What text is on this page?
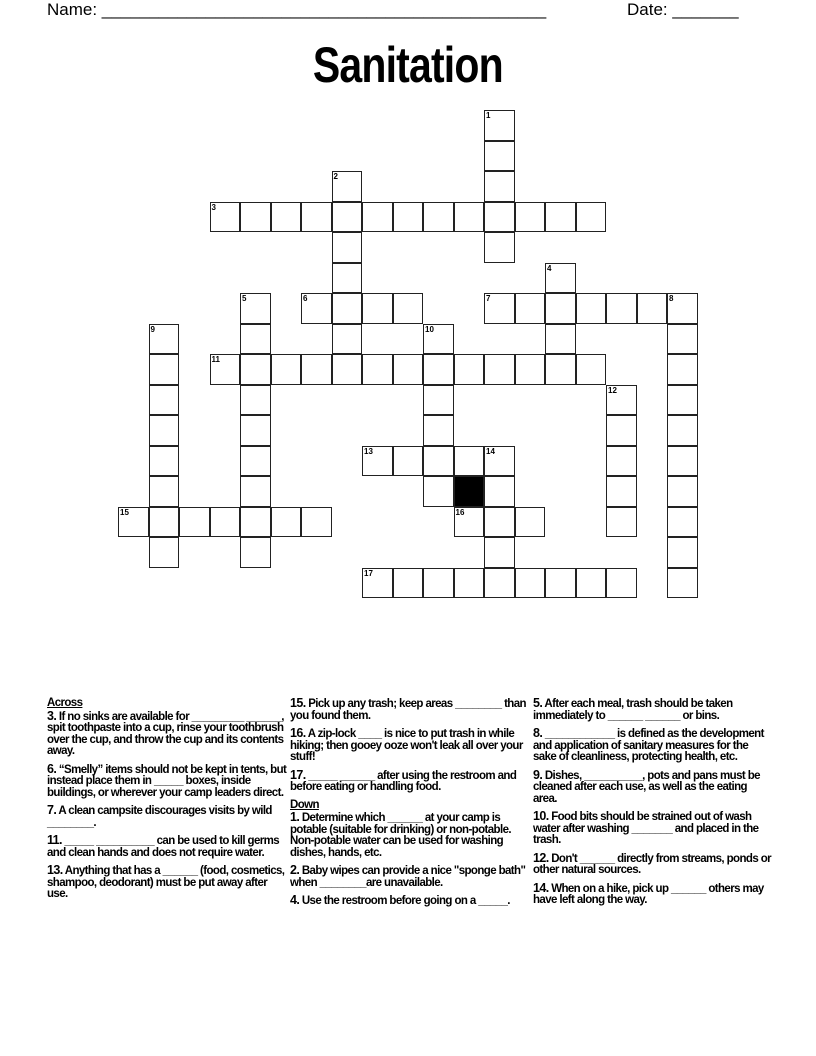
Name: _______________________________________________	Date: _______
Sanitation
1
2
3
4
5	6	7	8
9	10
11
12
13	14
15	16
17
Across
3. If no sinks are available for _________ ______, spit toothpaste into a cup, rinse your toothbrush over the cup, and throw the cup and its contents away.
6. “Smelly” items should not be kept in tents, but instead place them in _____ boxes, inside buildings, or wherever your camp leaders direct.
7. A clean campsite discourages visits by wild ________.
11. _____ __________ can be used to kill germs and clean hands and does not require water.
13. Anything that has a ______ (food, cosmetics, shampoo, deodorant) must be put away after use.
15. Pick up any trash; keep areas ________ than you found them.
16. A zip-lock ____ is nice to put trash in while hiking; then gooey ooze won't leak all over your stuff!
17. _____ ______ after using the restroom and before eating or handling food.
Down
1. Determine which ______ at your camp is potable (suitable for drinking) or non-potable. Non-potable water can be used for washing dishes, hands, etc.
2. Baby wipes can provide a nice "sponge bath" when ________are unavailable.
4. Use the restroom before going on a _____.
5. After each meal, trash should be taken immediately to ______ ______ or bins.
8. ____________ is defined as the development and application of sanitary measures for the sake of cleanliness, protecting health, etc.
9. Dishes, __________, pots and pans must be cleaned after each use, as well as the eating area.
10. Food bits should be strained out of wash water after washing _______ and placed in the trash.
12. Don't ______ directly from streams, ponds or other natural sources.
14. When on a hike, pick up ______ others may have left along the way.
